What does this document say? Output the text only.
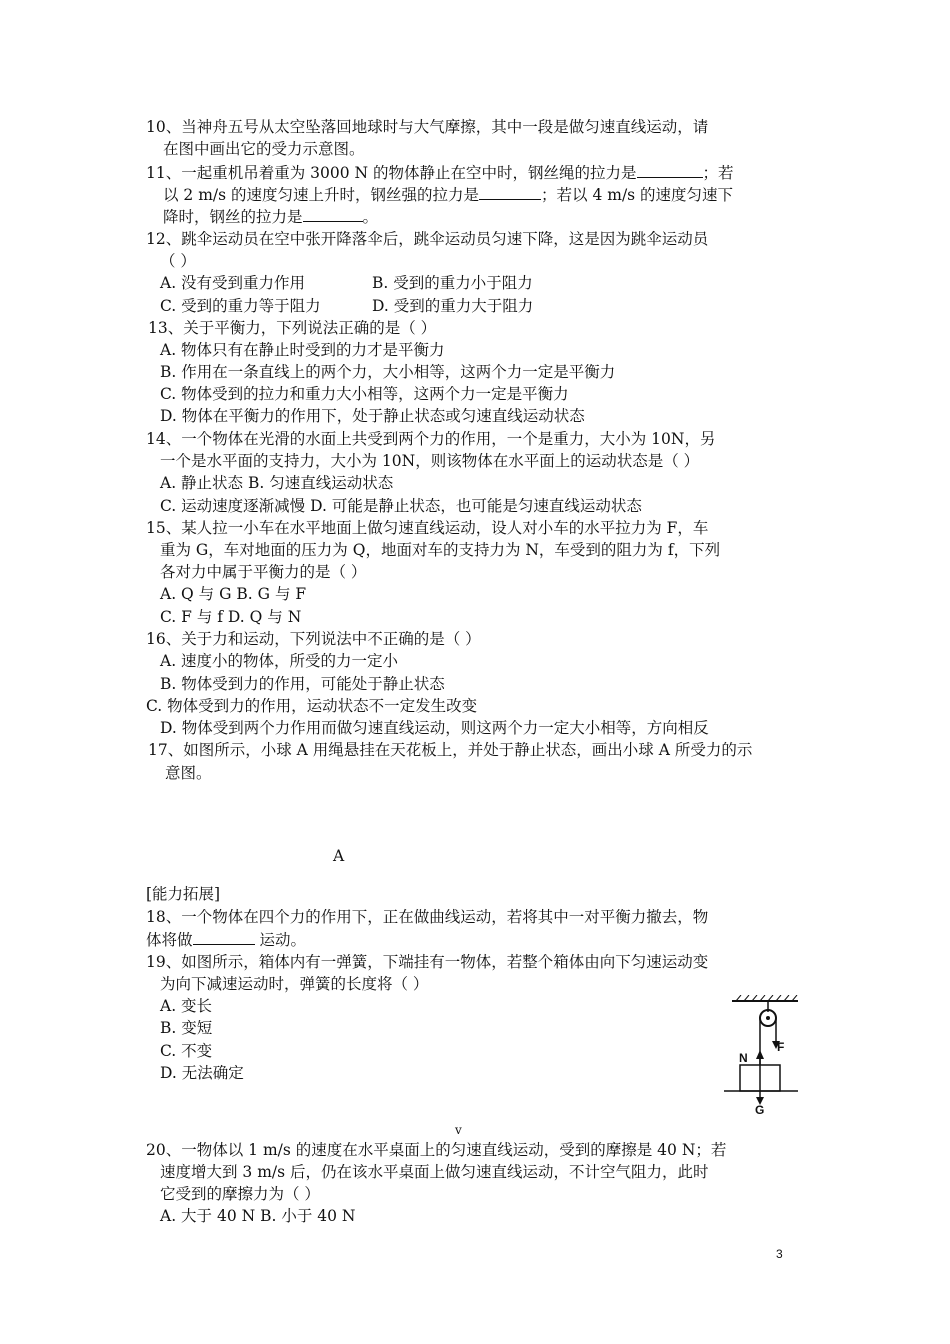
10、当神舟五号从太空坠落回地球时与大气摩擦，其中一段是做匀速直线运动，请
在图中画出它的受力示意图。
11、一起重机吊着重为 3000 N 的物体静止在空中时，钢丝绳的拉力是	；若
以 2 m/s 的速度匀速上升时，钢丝强的拉力是	；若以 4 m/s 的速度匀速下
降时，钢丝的拉力是	。
12、跳伞运动员在空中张开降落伞后，跳伞运动员匀速下降，这是因为跳伞运动员
（ ）
A. 没有受到重力作用	B. 受到的重力小于阻力
C. 受到的重力等于阻力	D. 受到的重力大于阻力
13、关于平衡力，下列说法正确的是（ ）
A. 物体只有在静止时受到的力才是平衡力
B. 作用在一条直线上的两个力，大小相等，这两个力一定是平衡力
C. 物体受到的拉力和重力大小相等，这两个力一定是平衡力
D. 物体在平衡力的作用下，处于静止状态或匀速直线运动状态
14、一个物体在光滑的水面上共受到两个力的作用，一个是重力，大小为 10N，另
一个是水平面的支持力，大小为 10N，则该物体在水平面上的运动状态是（ ）
A. 静止状态 B. 匀速直线运动状态
C. 运动速度逐渐减慢 D. 可能是静止状态，也可能是匀速直线运动状态
15、某人拉一小车在水平地面上做匀速直线运动，设人对小车的水平拉力为 F，车
重为 G，车对地面的压力为 Q，地面对车的支持力为 N，车受到的阻力为 f，下列
各对力中属于平衡力的是（ ）
A. Q 与 G B. G 与 F
C. F 与 f D. Q 与 N
16、关于力和运动，下列说法中不正确的是（ ）
A. 速度小的物体，所受的力一定小
B. 物体受到力的作用，可能处于静止状态
C. 物体受到力的作用，运动状态不一定发生改变
D. 物体受到两个力作用而做匀速直线运动，则这两个力一定大小相等，方向相反
17、如图所示，小球 A 用绳悬挂在天花板上，并处于静止状态，画出小球 A 所受力的示
意图。
A
[能力拓展]
18、一个物体在四个力的作用下，正在做曲线运动，若将其中一对平衡力撤去，物
体将做	运动。
19、如图所示，箱体内有一弹簧，下端挂有一物体，若整个箱体由向下匀速运动变
为向下减速运动时，弹簧的长度将（ ）
A. 变长
B. 变短
C. 不变
D. 无法确定
F
N
G
v
20、一物体以 1 m/s 的速度在水平桌面上的匀速直线运动，受到的摩擦是 40 N；若
速度增大到 3 m/s 后，仍在该水平桌面上做匀速直线运动，不计空气阻力，此时
它受到的摩擦力为（ ）
A. 大于 40 N B. 小于 40 N
3
